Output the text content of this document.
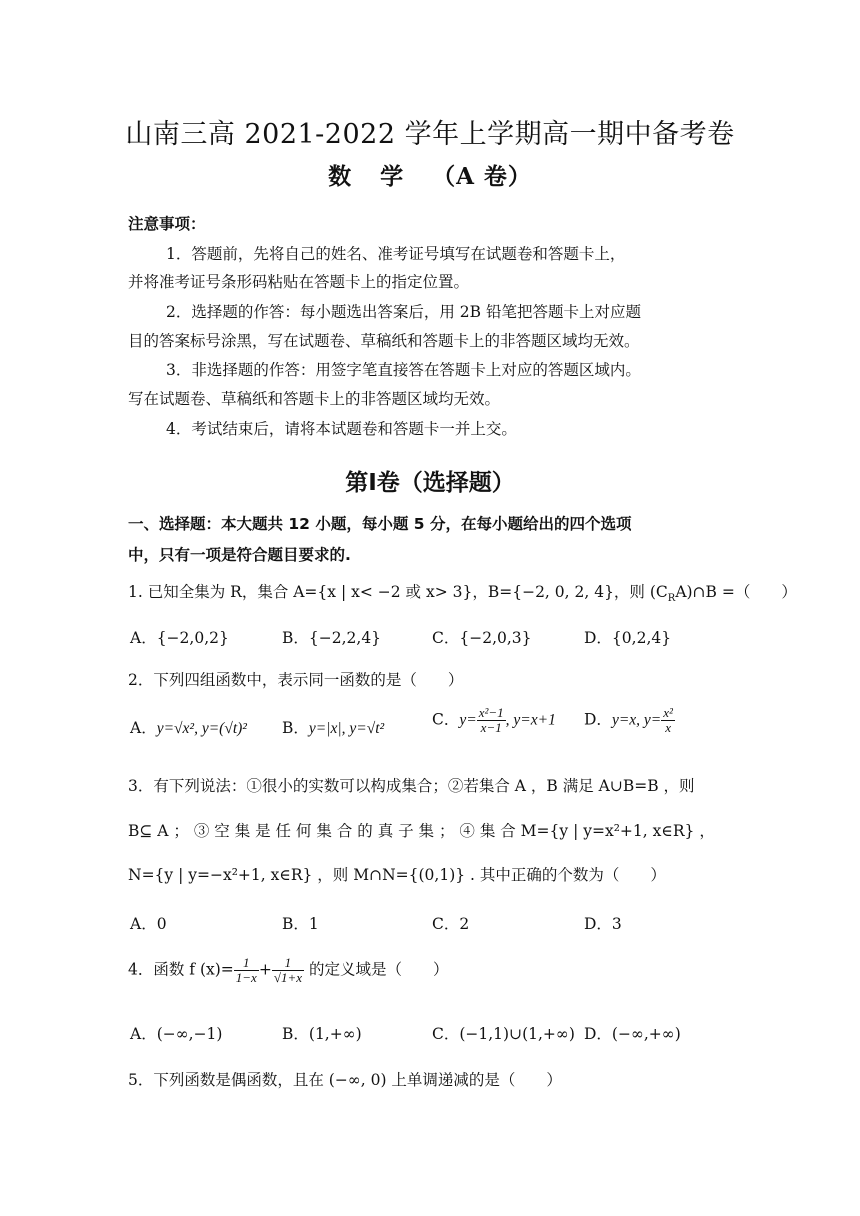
山南三高 2021-2022 学年上学期高一期中备考卷
数 学 （A 卷）
注意事项：
1．答题前，先将自己的姓名、准考证号填写在试题卷和答题卡上，
并将准考证号条形码粘贴在答题卡上的指定位置。
2．选择题的作答：每小题选出答案后，用 2B 铅笔把答题卡上对应题
目的答案标号涂黑，写在试题卷、草稿纸和答题卡上的非答题区域均无效。
3．非选择题的作答：用签字笔直接答在答题卡上对应的答题区域内。
写在试题卷、草稿纸和答题卡上的非答题区域均无效。
4．考试结束后，请将本试题卷和答题卡一并上交。
第Ⅰ卷（选择题）
一、选择题：本大题共 12 小题，每小题 5 分，在每小题给出的四个选项
中，只有一项是符合题目要求的.
1. 已知全集为 R，集合 A={x | x< −2 或 x> 3}，B={−2, 0, 2, 4}，则 $(C_RA)\cap B$ =（　　）
A．{−2,0,2}	B．{−2,2,4}	C．{−2,0,3}	D．{0,2,4}
2．下列四组函数中，表示同一函数的是（　　）
A．y=√x², y=(√t)² B．y=|x|, y=√t²	C．$y= \frac{\text{x²−1}}{x-1}$ , y=x+1 D．y=x, $y= \frac{\text{x²}}{x}$
3．有下列说法：①很小的实数可以构成集合；②若集合 A ，B 满足 A∪B=B ，则
B⊆ A ； ③ 空 集 是 任 何 集 合 的 真 子 集 ； ④ 集 合 M={y | y=x²+1, x∈R} ，
N={y | y=−x²+1, x∈R} ，则 M∩N={(0,1)} . 其中正确的个数为（　　）
A．0	B．1	C．2	D．3
4．函数 f $(x)= \frac{1}{1-x} + \frac{1}{√1+x}$ 的定义域是（　　）
A．(−∞,−1)	B．(1,+∞)	C．(−1,1)∪(1,+∞) D．(−∞,+∞)
5．下列函数是偶函数，且在 (−∞, 0) 上单调递减的是（　　）
